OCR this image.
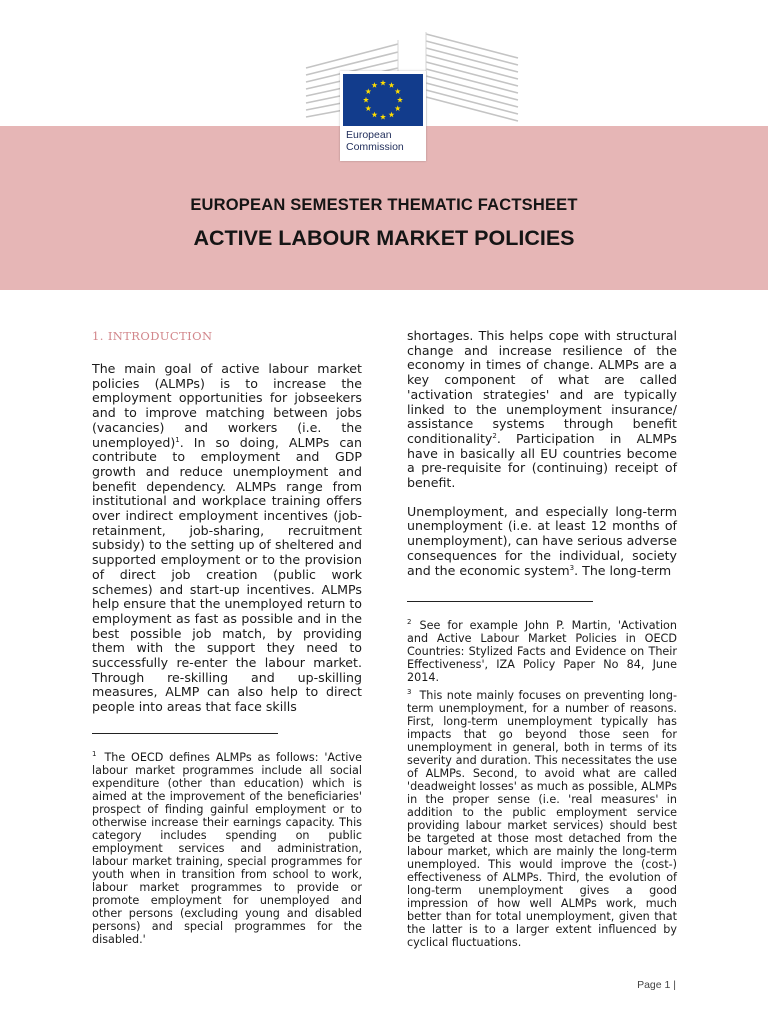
European
Commission
EUROPEAN SEMESTER THEMATIC FACTSHEET
ACTIVE LABOUR MARKET POLICIES
1. INTRODUCTION

The main goal of active labour market policies (ALMPs) is to increase the employment opportunities for jobseekers and to improve matching between jobs (vacancies) and workers (i.e. the unemployed)$^1$. In so doing, ALMPs can contribute to employment and GDP growth and reduce unemployment and benefit dependency. ALMPs range from institutional and workplace training offers over indirect employment incentives (job-retainment, job-sharing, recruitment subsidy) to the setting up of sheltered and supported employment or to the provision of direct job creation (public work schemes) and start-up incentives. ALMPs help ensure that the unemployed return to employment as fast as possible and in the best possible job match, by providing them with the support they need to successfully re-enter the labour market. Through re-skilling and up-skilling measures, ALMP can also help to direct people into areas that face skills

shortages. This helps cope with structural change and increase resilience of the economy in times of change. ALMPs are a key component of what are called 'activation strategies' and are typically linked to the unemployment insurance/ assistance systems through benefit conditionality$^2$. Participation in ALMPs have in basically all EU countries become a pre-requisite for (continuing) receipt of benefit.

Unemployment, and especially long-term unemployment (i.e. at least 12 months of unemployment), can have serious adverse consequences for the individual, society and the economic system$^3$. The long-term

$^1$ The OECD defines ALMPs as follows: 'Active labour market programmes include all social expenditure (other than education) which is aimed at the improvement of the beneficiaries' prospect of finding gainful employment or to otherwise increase their earnings capacity. This category includes spending on public employment services and administration, labour market training, special programmes for youth when in transition from school to work, labour market programmes to provide or promote employment for unemployed and other persons (excluding young and disabled persons) and special programmes for the disabled.'

$^2$ See for example John P. Martin, 'Activation and Active Labour Market Policies in OECD Countries: Stylized Facts and Evidence on Their Effectiveness', IZA Policy Paper No 84, June 2014.

$^3$ This note mainly focuses on preventing long-term unemployment, for a number of reasons. First, long-term unemployment typically has impacts that go beyond those seen for unemployment in general, both in terms of its severity and duration. This necessitates the use of ALMPs. Second, to avoid what are called 'deadweight losses' as much as possible, ALMPs in the proper sense (i.e. 'real measures' in addition to the public employment service providing labour market services) should best be targeted at those most detached from the labour market, which are mainly the long-term unemployed. This would improve the (cost-) effectiveness of ALMPs. Third, the evolution of long-term unemployment gives a good impression of how well ALMPs work, much better than for total unemployment, given that the latter is to a larger extent influenced by cyclical fluctuations.

Page 1 |
